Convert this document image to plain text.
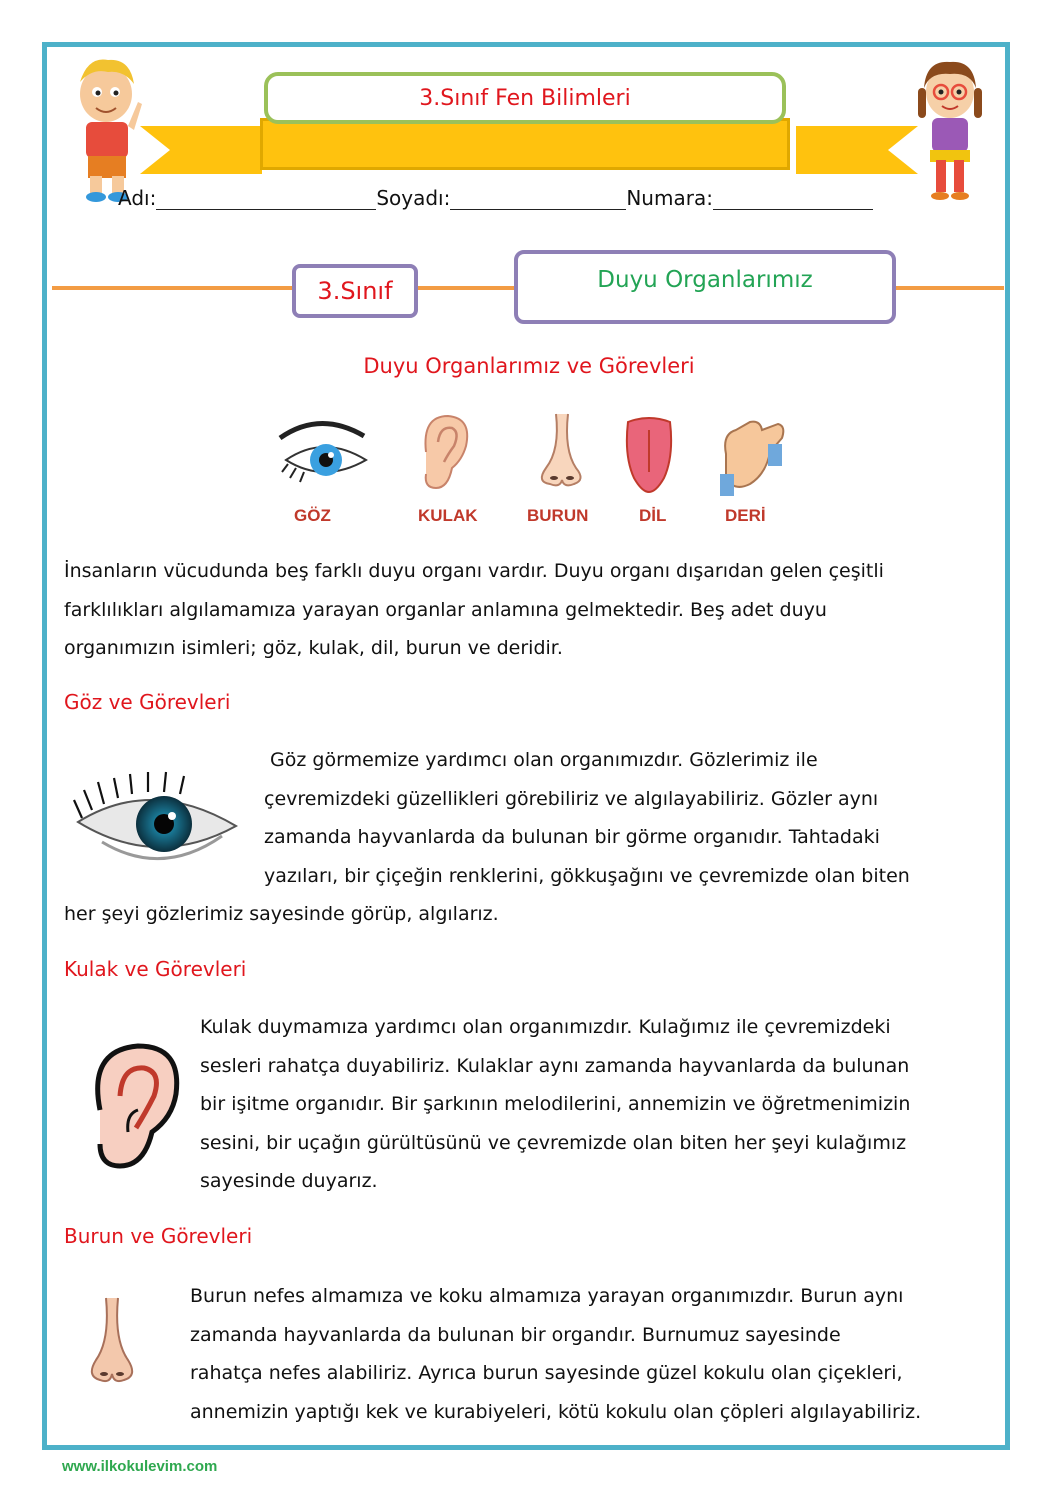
3.Sınıf Fen Bilimleri
Adı:	Soyadı:	Numara:
3.Sınıf	Duyu Organlarımız
Duyu Organlarımız ve Görevleri
GÖZ	KULAK	BURUN	DİL	DERİ
İnsanların vücudunda beş farklı duyu organı vardır. Duyu organı dışarıdan gelen çeşitli
farklılıkları algılamamıza yarayan organlar anlamına gelmektedir. Beş adet duyu
organımızın isimleri; göz, kulak, dil, burun ve deridir.
Göz ve Görevleri
Göz görmemize yardımcı olan organımızdır. Gözlerimiz ile
çevremizdeki güzellikleri görebiliriz ve algılayabiliriz. Gözler aynı
zamanda hayvanlarda da bulunan bir görme organıdır. Tahtadaki
yazıları, bir çiçeğin renklerini, gökkuşağını ve çevremizde olan biten
her şeyi gözlerimiz sayesinde görüp, algılarız.
Kulak ve Görevleri
Kulak duymamıza yardımcı olan organımızdır. Kulağımız ile çevremizdeki
sesleri rahatça duyabiliriz. Kulaklar aynı zamanda hayvanlarda da bulunan
bir işitme organıdır. Bir şarkının melodilerini, annemizin ve öğretmenimizin
sesini, bir uçağın gürültüsünü ve çevremizde olan biten her şeyi kulağımız
sayesinde duyarız.
Burun ve Görevleri
Burun nefes almamıza ve koku almamıza yarayan organımızdır. Burun aynı
zamanda hayvanlarda da bulunan bir organdır. Burnumuz sayesinde
rahatça nefes alabiliriz. Ayrıca burun sayesinde güzel kokulu olan çiçekleri,
annemizin yaptığı kek ve kurabiyeleri, kötü kokulu olan çöpleri algılayabiliriz.
www.ilkokulevim.com
